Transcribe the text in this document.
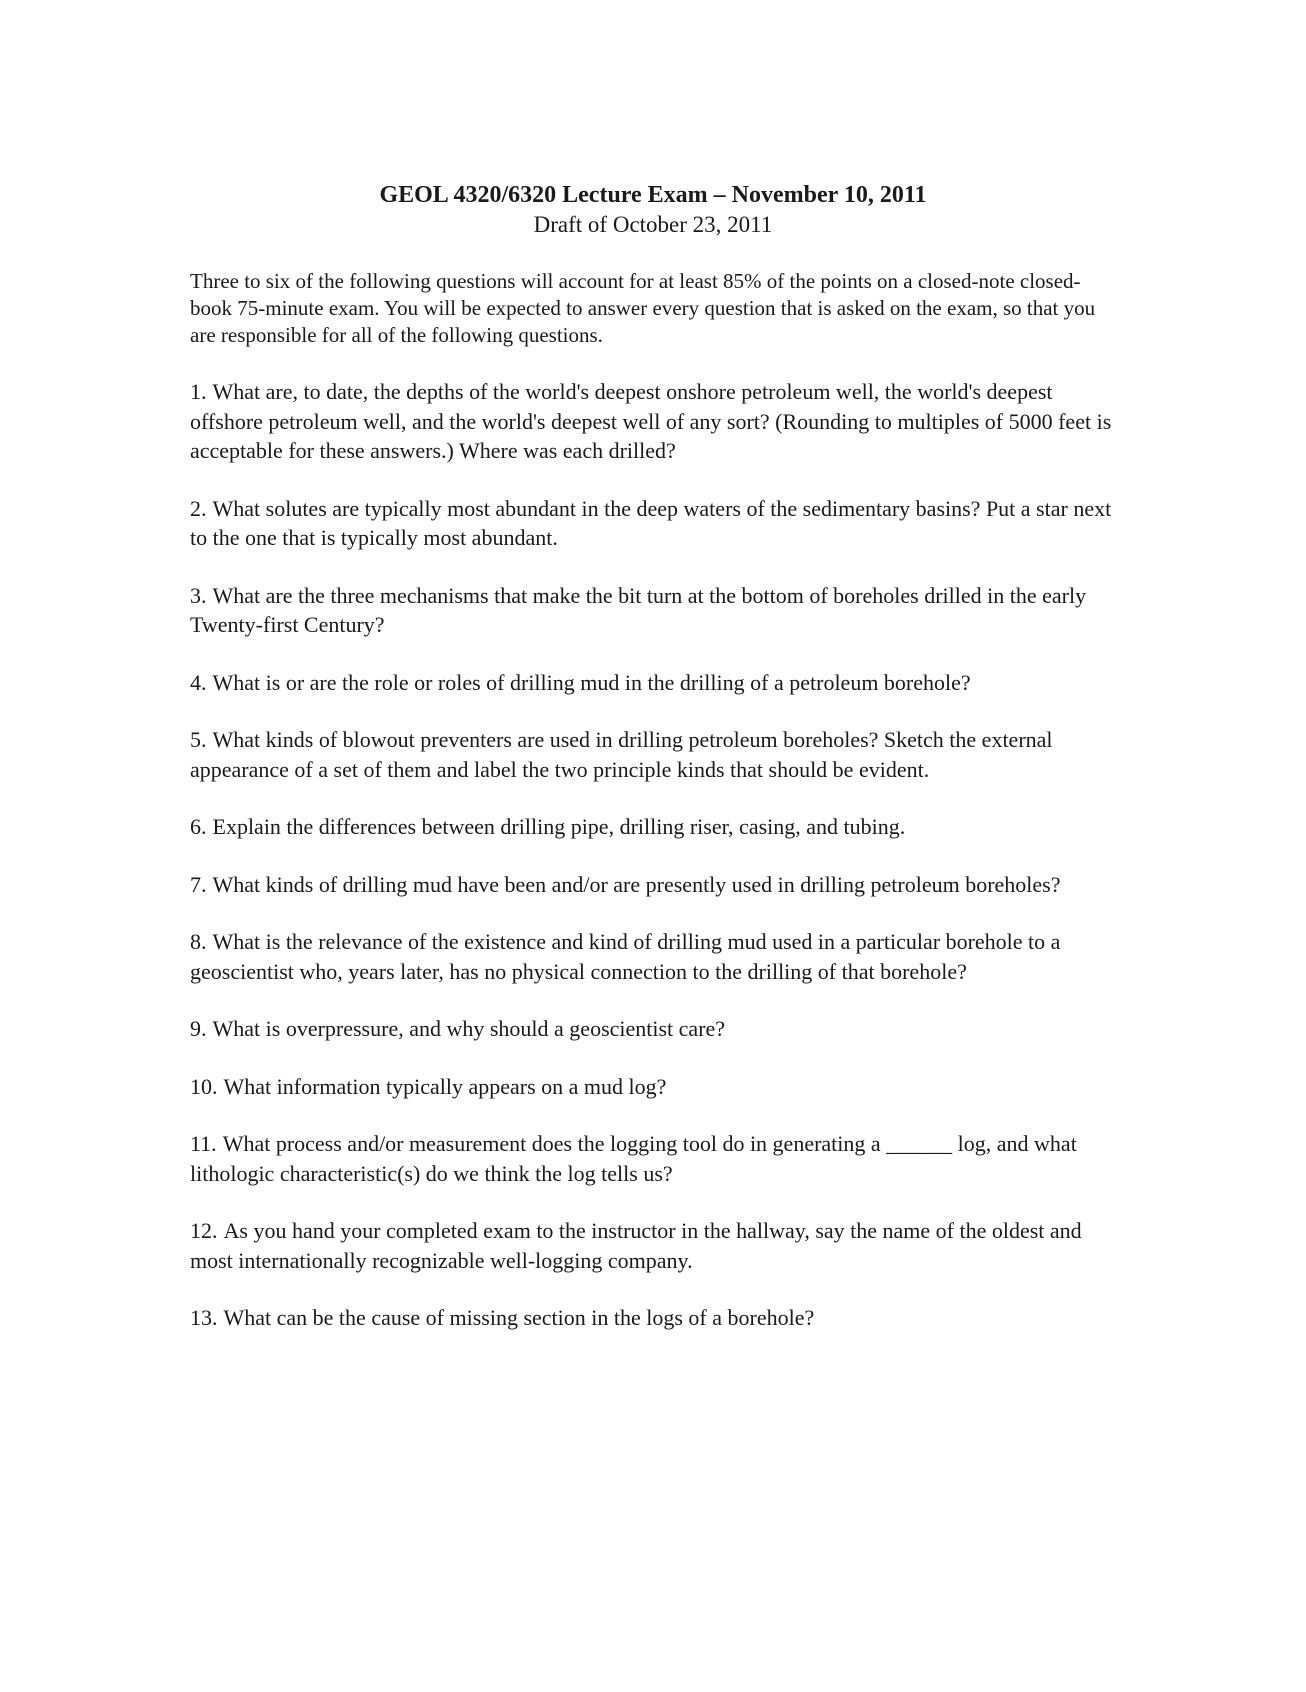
GEOL 4320/6320 Lecture Exam – November 10, 2011

Draft of October 23, 2011

Three to six of the following questions will account for at least 85% of the points on a closed-note closed-book 75-minute exam. You will be expected to answer every question that is asked on the exam, so that you are responsible for all of the following questions.

1. What are, to date, the depths of the world's deepest onshore petroleum well, the world's deepest offshore petroleum well, and the world's deepest well of any sort? (Rounding to multiples of 5000 feet is acceptable for these answers.) Where was each drilled?
2. What solutes are typically most abundant in the deep waters of the sedimentary basins? Put a star next to the one that is typically most abundant.
3. What are the three mechanisms that make the bit turn at the bottom of boreholes drilled in the early Twenty-first Century?
4. What is or are the role or roles of drilling mud in the drilling of a petroleum borehole?
5. What kinds of blowout preventers are used in drilling petroleum boreholes? Sketch the external appearance of a set of them and label the two principle kinds that should be evident.
6. Explain the differences between drilling pipe, drilling riser, casing, and tubing.
7. What kinds of drilling mud have been and/or are presently used in drilling petroleum boreholes?
8. What is the relevance of the existence and kind of drilling mud used in a particular borehole to a geoscientist who, years later, has no physical connection to the drilling of that borehole?
9. What is overpressure, and why should a geoscientist care?
10. What information typically appears on a mud log?
11. What process and/or measurement does the logging tool do in generating a ______ log, and what lithologic characteristic(s) do we think the log tells us?
12. As you hand your completed exam to the instructor in the hallway, say the name of the oldest and most internationally recognizable well-logging company.
13. What can be the cause of missing section in the logs of a borehole?
